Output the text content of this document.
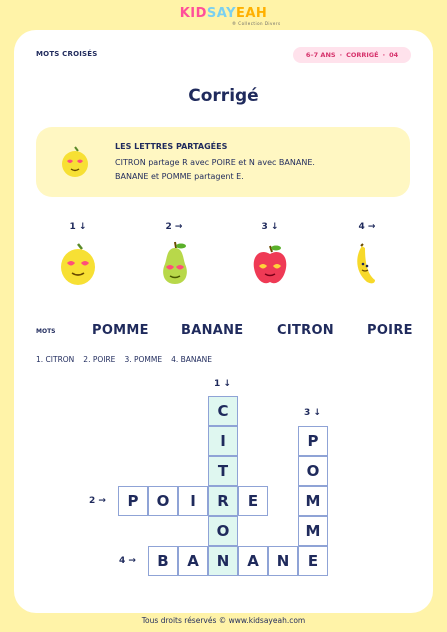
KIDSAYEAH
® Collection Divers
MOTS CROISÉS	6–7 ANS · CORRIGÉ · 04
Corrigé
LES LETTRES PARTAGÉES
CITRON partage R avec POIRE et N avec BANANE.
BANANE et POMME partagent E.
1 ↓	2 →	3 ↓	4 →
MOTS	POMME BANANE	CITRON	POIRE
1. CITRON 2. POIRE 3. POMME 4. BANANE
1 ↓
2 →
3 ↓
4 →
C
I
T
R
O
N
P	O	I	E
P
O
M
M
E
B	A	A	N
Tous droits réservés © www.kidsayeah.com
